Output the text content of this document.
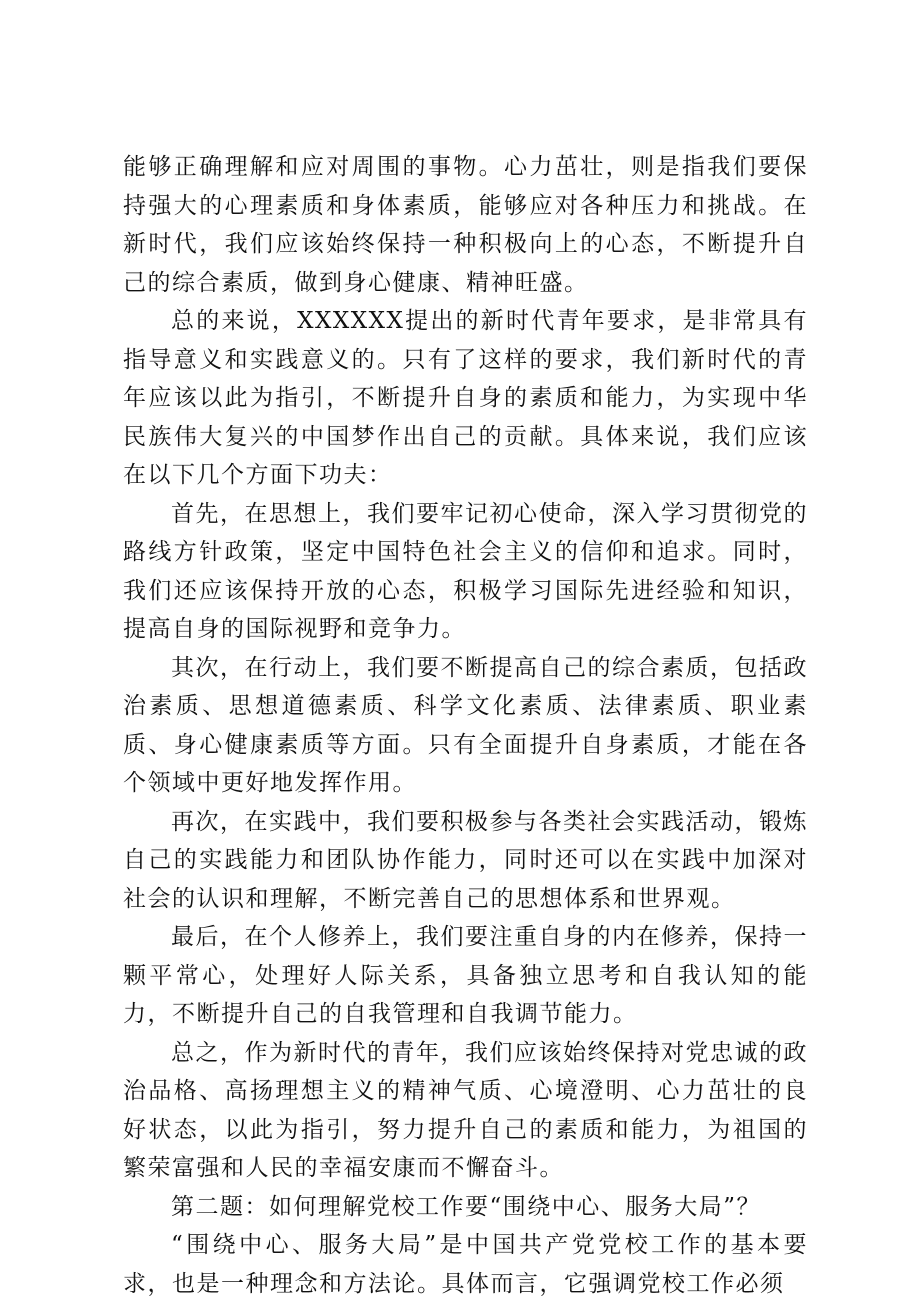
能够正确理解和应对周围的事物。心力茁壮，则是指我们要保持强大的心理素质和身体素质，能够应对各种压力和挑战。在新时代，我们应该始终保持一种积极向上的心态，不断提升自己的综合素质，做到身心健康、精神旺盛。

总的来说，XXXXXX提出的新时代青年要求，是非常具有指导意义和实践意义的。只有了这样的要求，我们新时代的青年应该以此为指引，不断提升自身的素质和能力，为实现中华民族伟大复兴的中国梦作出自己的贡献。具体来说，我们应该在以下几个方面下功夫：

首先，在思想上，我们要牢记初心使命，深入学习贯彻党的路线方针政策，坚定中国特色社会主义的信仰和追求。同时，我们还应该保持开放的心态，积极学习国际先进经验和知识，提高自身的国际视野和竞争力。

其次，在行动上，我们要不断提高自己的综合素质，包括政治素质、思想道德素质、科学文化素质、法律素质、职业素质、身心健康素质等方面。只有全面提升自身素质，才能在各个领域中更好地发挥作用。

再次，在实践中，我们要积极参与各类社会实践活动，锻炼自己的实践能力和团队协作能力，同时还可以在实践中加深对社会的认识和理解，不断完善自己的思想体系和世界观。

最后，在个人修养上，我们要注重自身的内在修养，保持一颗平常心，处理好人际关系，具备独立思考和自我认知的能力，不断提升自己的自我管理和自我调节能力。

总之，作为新时代的青年，我们应该始终保持对党忠诚的政治品格、高扬理想主义的精神气质、心境澄明、心力茁壮的良好状态，以此为指引，努力提升自己的素质和能力，为祖国的繁荣富强和人民的幸福安康而不懈奋斗。

第二题：如何理解党校工作要“围绕中心、服务大局”？

“围绕中心、服务大局”是中国共产党党校工作的基本要求，也是一种理念和方法论。具体而言，它强调党校工作必须
